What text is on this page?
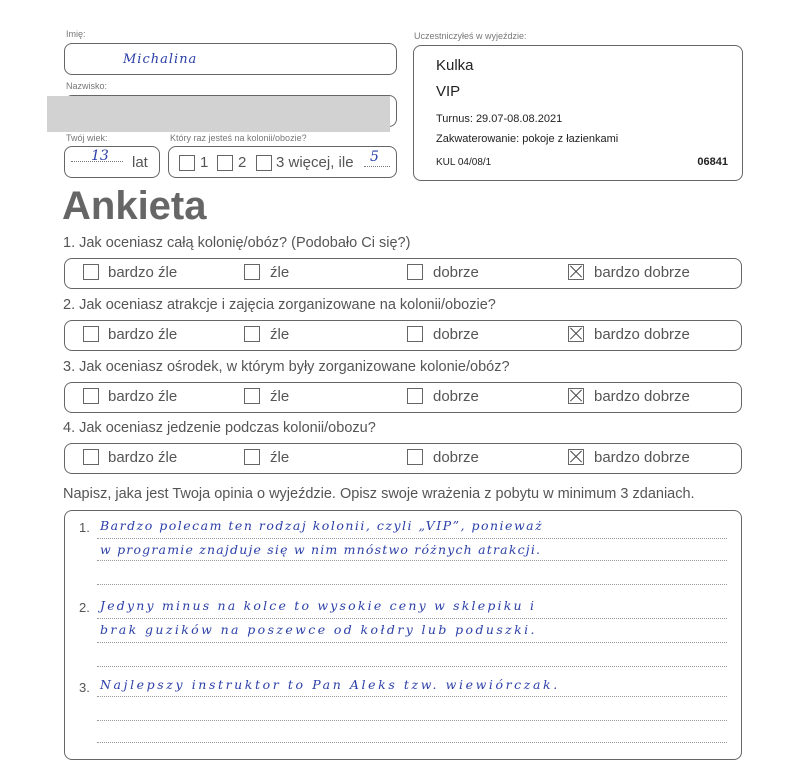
Imię:
Michalina
Nazwisko:
Twój wiek:
13 lat
Który raz jesteś na kolonii/obozie?
1 2 3 więcej, ile 5
Uczestniczyłeś w wyjeździe:
Kulka
VIP
Turnus: 29.07-08.08.2021
Zakwaterowanie: pokoje z łazienkami
KUL 04/08/1	06841
Ankieta
1. Jak oceniasz całą kolonię/obóz? (Podobało Ci się?)
bardzo źle	źle	dobrze	bardzo dobrze
2. Jak oceniasz atrakcje i zajęcia zorganizowane na kolonii/obozie?
bardzo źle	źle	dobrze	bardzo dobrze
3. Jak oceniasz ośrodek, w którym były zorganizowane kolonie/obóz?
bardzo źle	źle	dobrze	bardzo dobrze
4. Jak oceniasz jedzenie podczas kolonii/obozu?
bardzo źle	źle	dobrze	bardzo dobrze
Napisz, jaka jest Twoja opinia o wyjeździe. Opisz swoje wrażenia z pobytu w minimum 3 zdaniach.
1.
2.
3.
Bardzo polecam ten rodzaj kolonii, czyli „VIP”, ponieważ
w programie znajduje się w nim mnóstwo różnych atrakcji.
Jedyny minus na kolce to wysokie ceny w sklepiku i
brak guzików na poszewce od kołdry lub poduszki.
Najlepszy instruktor to Pan Aleks tzw. wiewiórczak.
